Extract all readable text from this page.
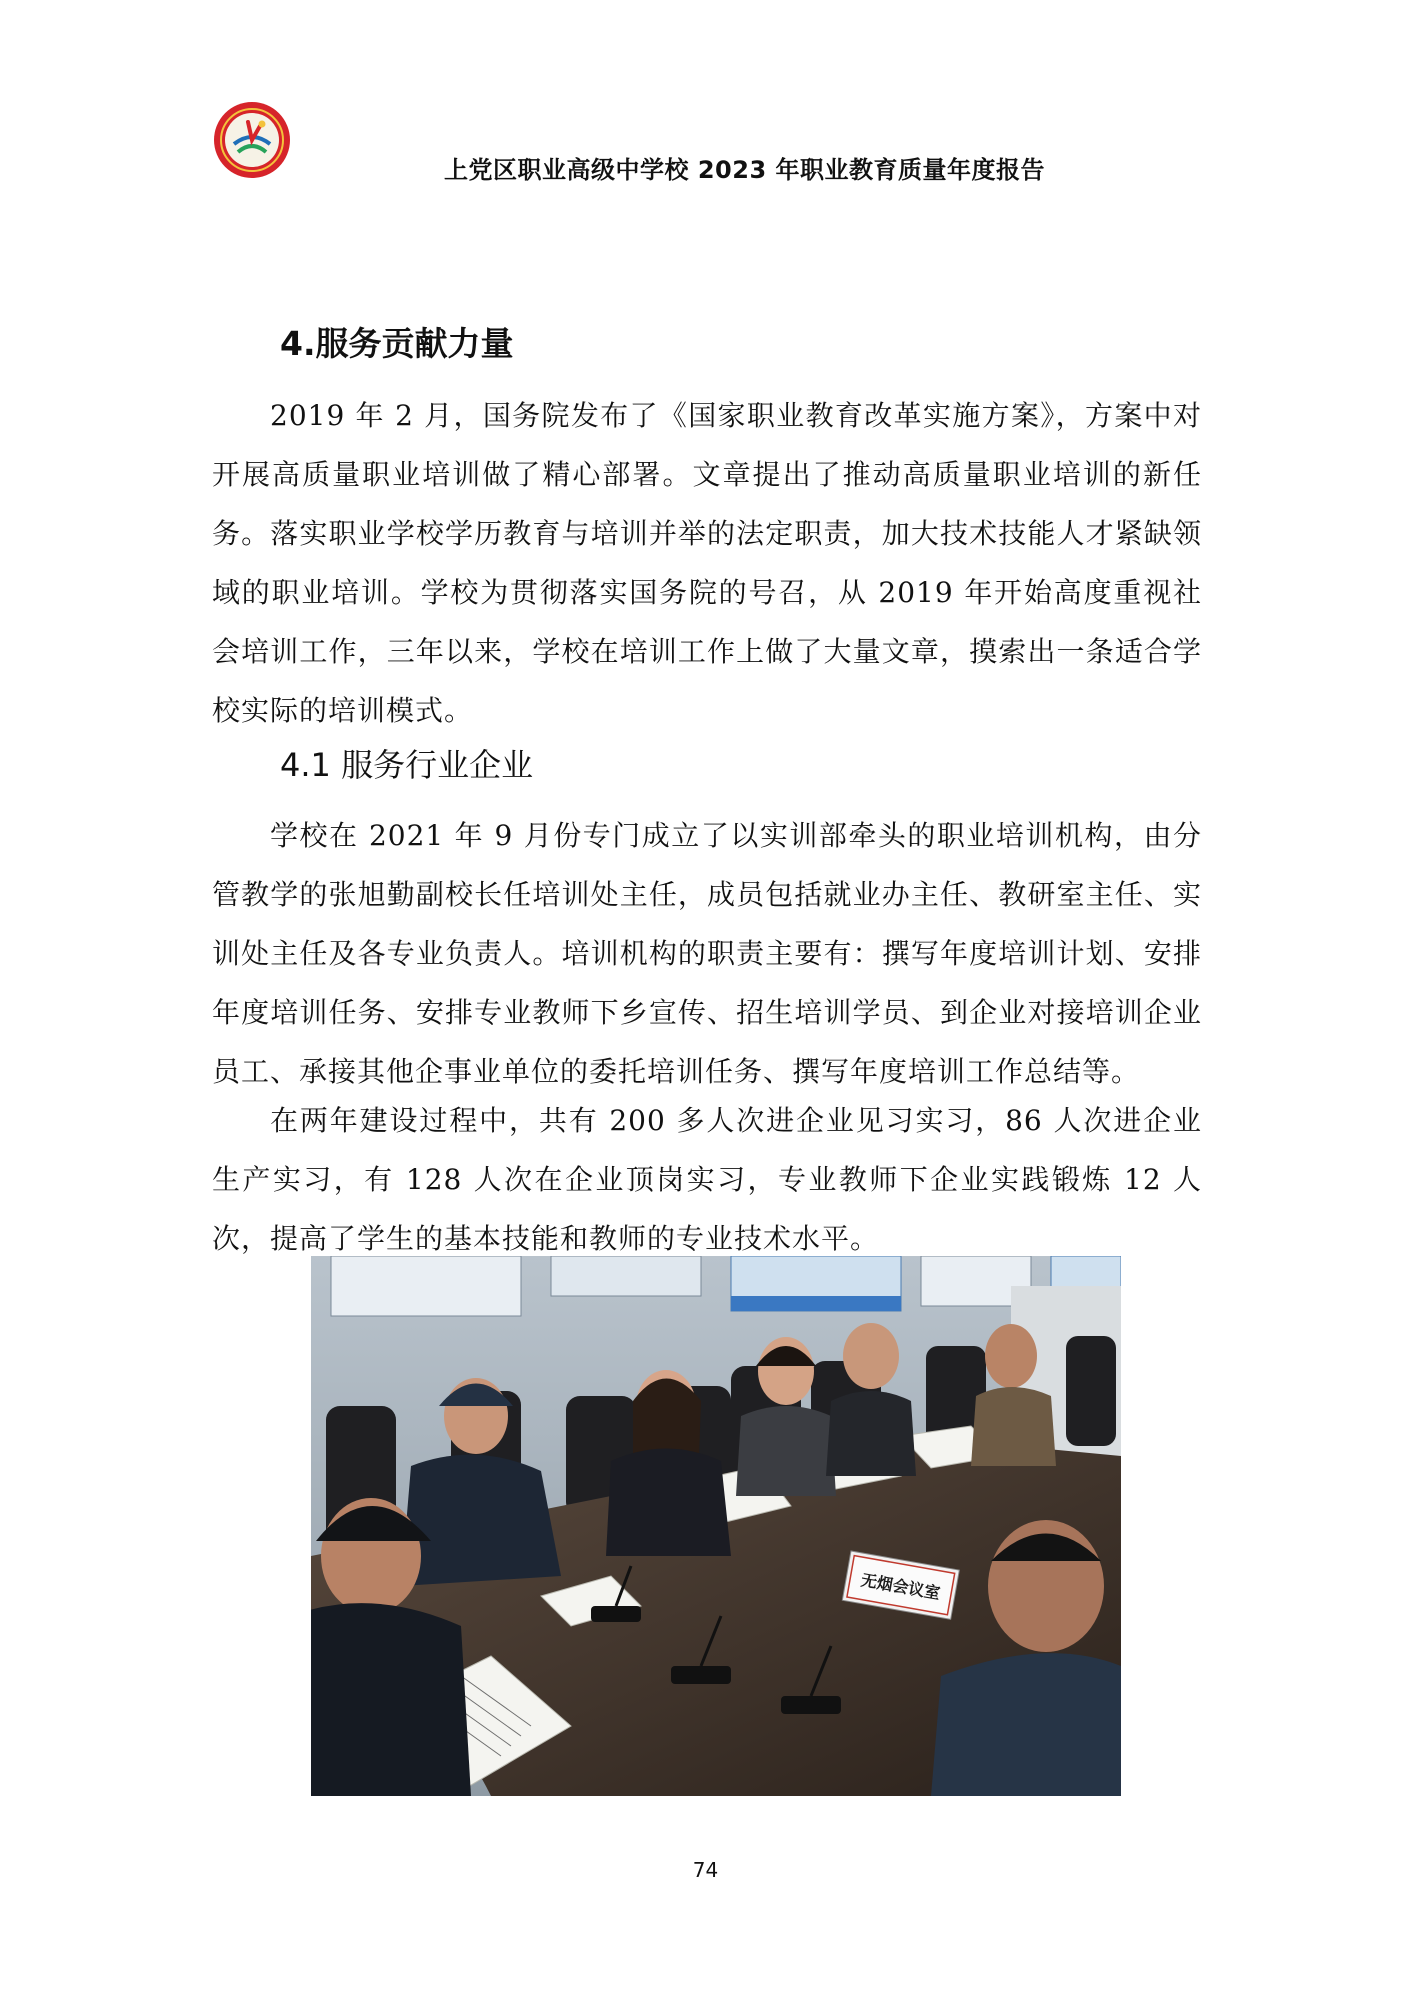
上党区职业高级中学校 2023 年职业教育质量年度报告
4.服务贡献力量

2019 年 2 月，国务院发布了《国家职业教育改革实施方案》，方案中对开展高质量职业培训做了精心部署。文章提出了推动高质量职业培训的新任务。落实职业学校学历教育与培训并举的法定职责，加大技术技能人才紧缺领域的职业培训。学校为贯彻落实国务院的号召，从 2019 年开始高度重视社会培训工作，三年以来，学校在培训工作上做了大量文章，摸索出一条适合学校实际的培训模式。

4.1 服务行业企业

学校在 2021 年 9 月份专门成立了以实训部牵头的职业培训机构，由分管教学的张旭勤副校长任培训处主任，成员包括就业办主任、教研室主任、实训处主任及各专业负责人。培训机构的职责主要有：撰写年度培训计划、安排年度培训任务、安排专业教师下乡宣传、招生培训学员、到企业对接培训企业员工、承接其他企事业单位的委托培训任务、撰写年度培训工作总结等。

在两年建设过程中，共有 200 多人次进企业见习实习，86 人次进企业生产实习，有 128 人次在企业顶岗实习，专业教师下企业实践锻炼 12 人次，提高了学生的基本技能和教师的专业技术水平。

无烟会议室
74
